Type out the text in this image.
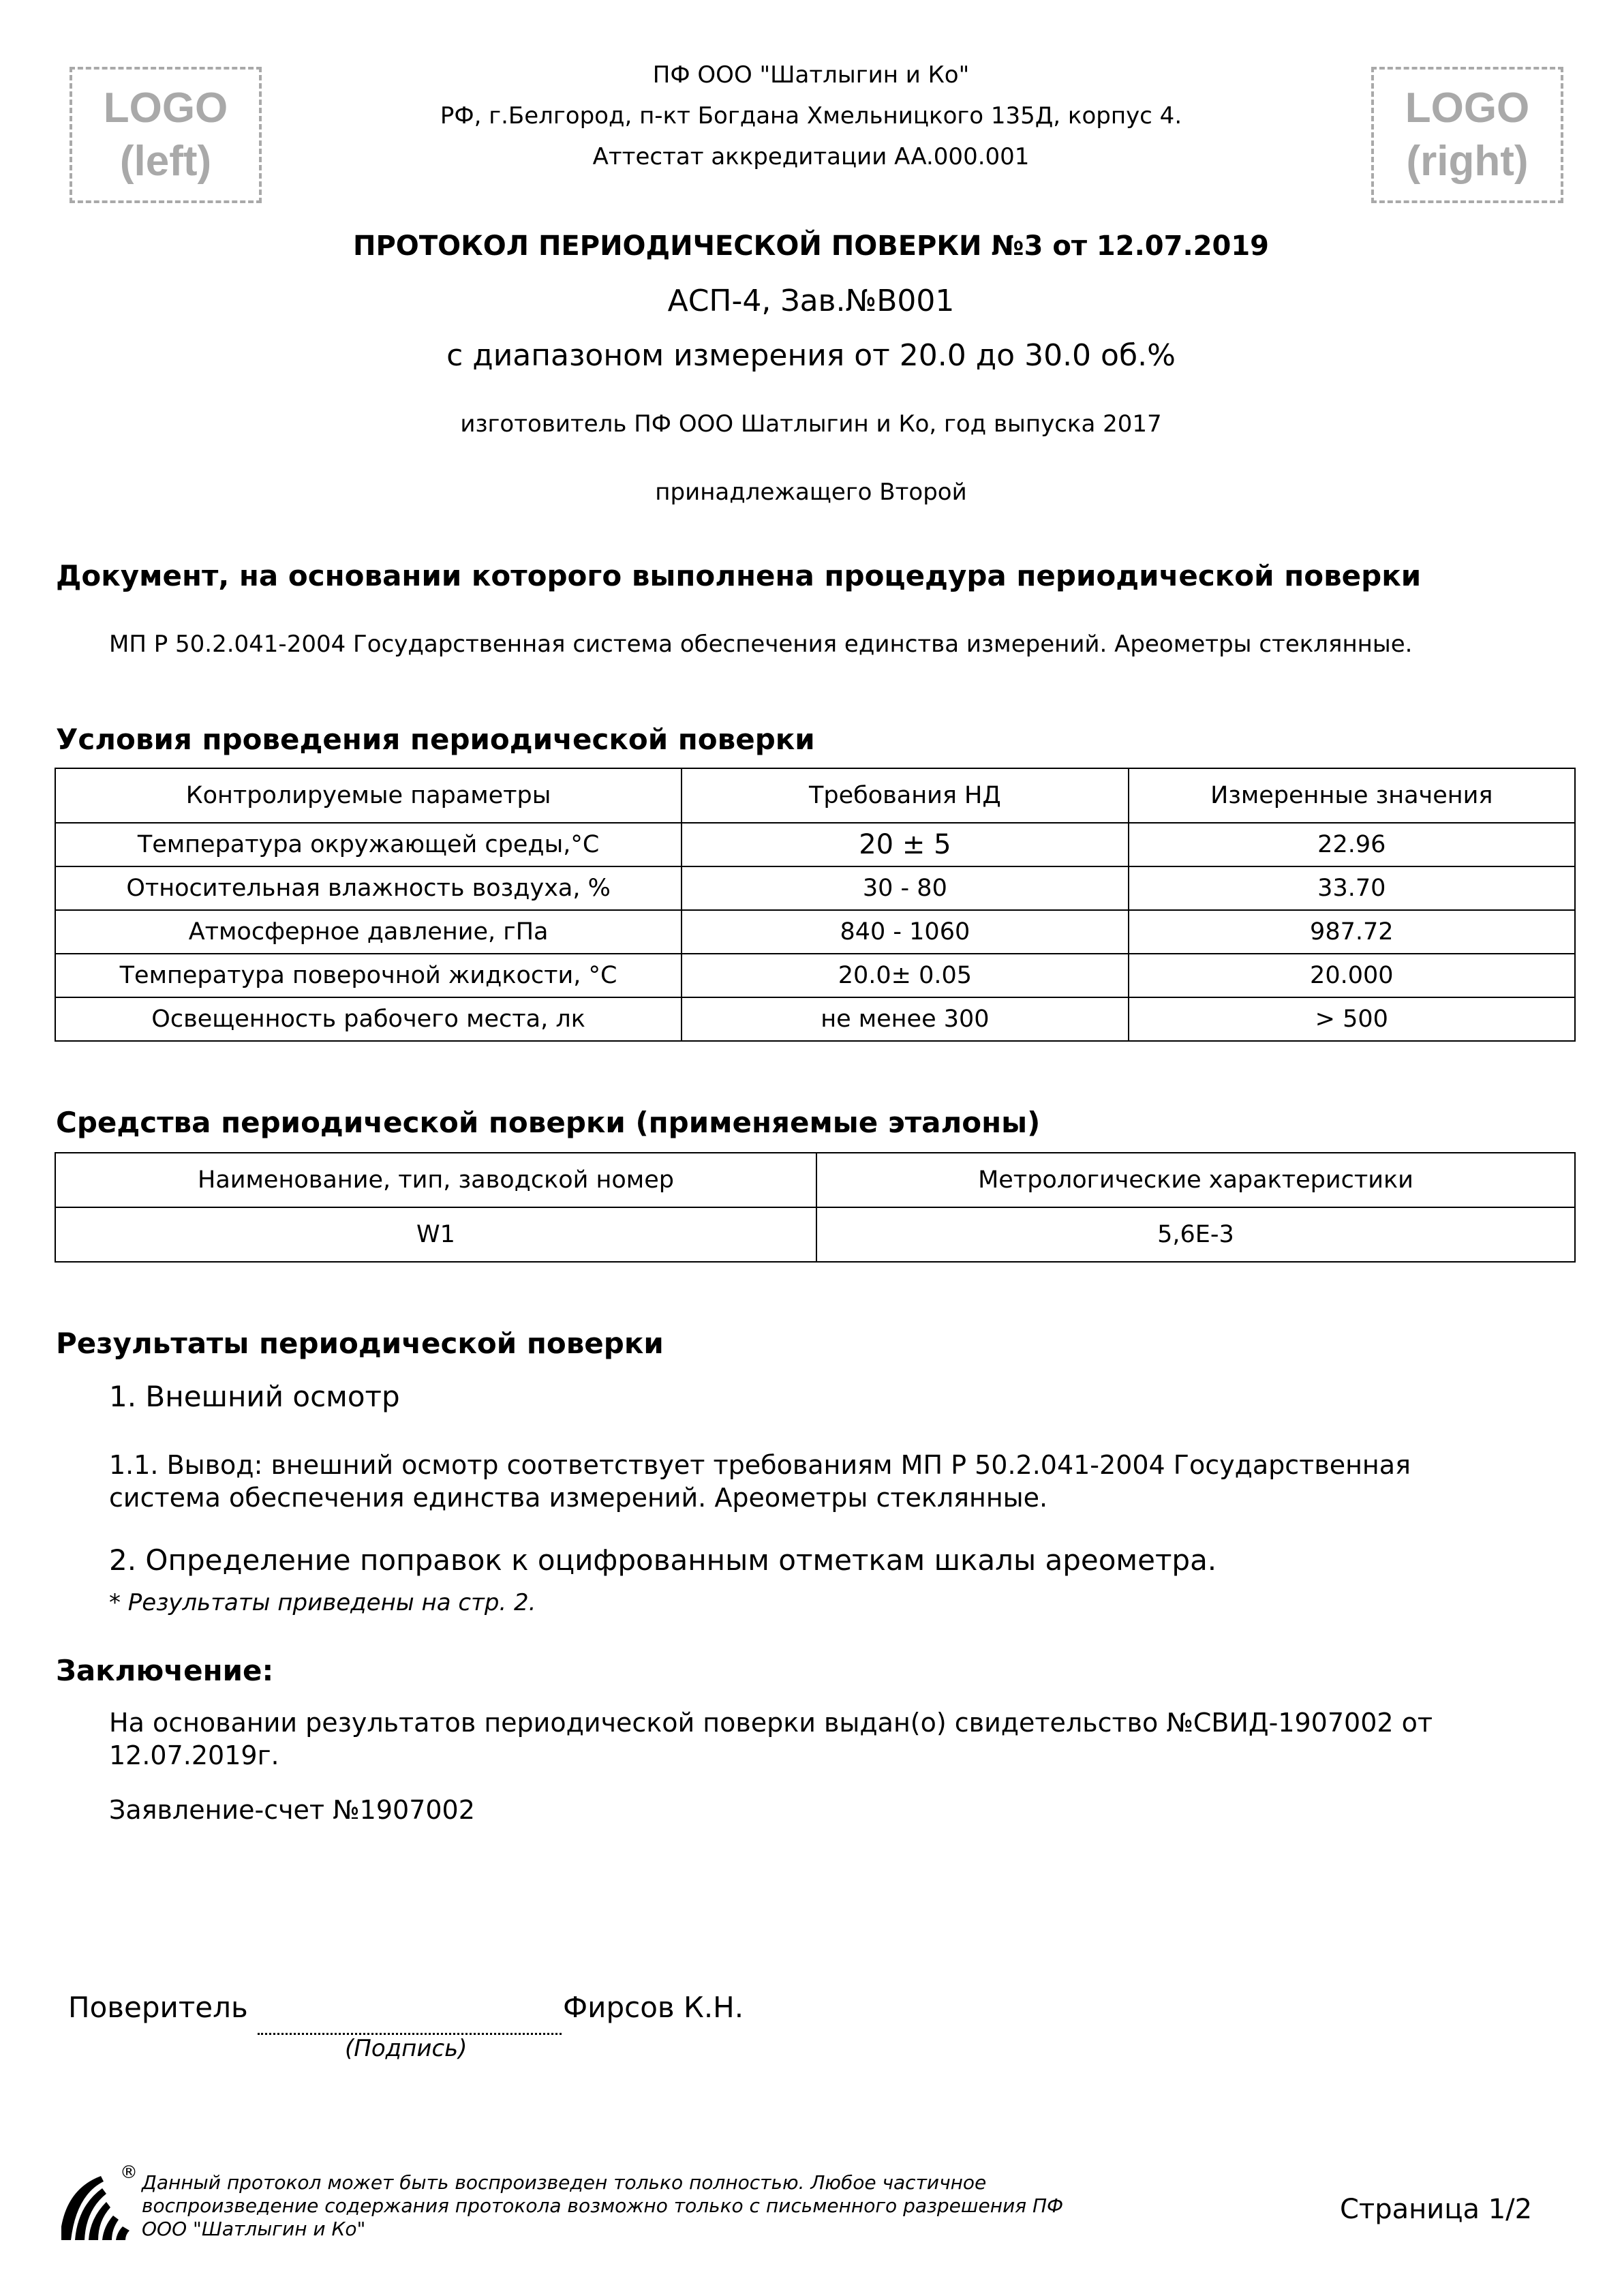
LOGO
(left)
LOGO
(right)
ПФ ООО "Шатлыгин и Ко"
РФ, г.Белгород, п-кт Богдана Хмельницкого 135Д, корпус 4.
Аттестат аккредитации AA.000.001
ПРОТОКОЛ ПЕРИОДИЧЕСКОЙ ПОВЕРКИ №3 от 12.07.2019
АСП-4, Зав.№B001
с диапазоном измерения от 20.0 до 30.0 об.%
изготовитель ПФ ООО Шатлыгин и Ко, год выпуска 2017
принадлежащего Второй
Документ, на основании которого выполнена процедура периодической поверки
МП Р 50.2.041-2004 Государственная система обеспечения единства измерений. Ареометры стеклянные.
Условия проведения периодической поверки
Контролируемые параметры	Требования НД	Измеренные значения
Температура окружающей среды,°С	20 ± 5	22.96
Относительная влажность воздуха, %	30 - 80	33.70
Атмосферное давление, гПа	840 - 1060	987.72
Температура поверочной жидкости, °С	20.0± 0.05	20.000
Освещенность рабочего места, лк	не менее 300	> 500
Средства периодической поверки (применяемые эталоны)
Наименование, тип, заводской номер	Метрологические характеристики
W1	5,6E-3
Результаты периодической поверки
1. Внешний осмотр
1.1. Вывод: внешний осмотр соответствует требованиям МП Р 50.2.041-2004 Государственная
система обеспечения единства измерений. Ареометры стеклянные.
2. Определение поправок к оцифрованным отметкам шкалы ареометра.
* Результаты приведены на стр. 2.
Заключение:
На основании результатов периодической поверки выдан(о) свидетельство №СВИД-1907002 от
12.07.2019г.
Заявление-счет №1907002
Поверитель	Фирсов К.Н.
(Подпись)
® Данный протокол может быть воспроизведен только полностью. Любое частичное
воспроизведение содержания протокола возможно только с письменного разрешения ПФ
ООО "Шатлыгин и Ко"
Страница 1/2
